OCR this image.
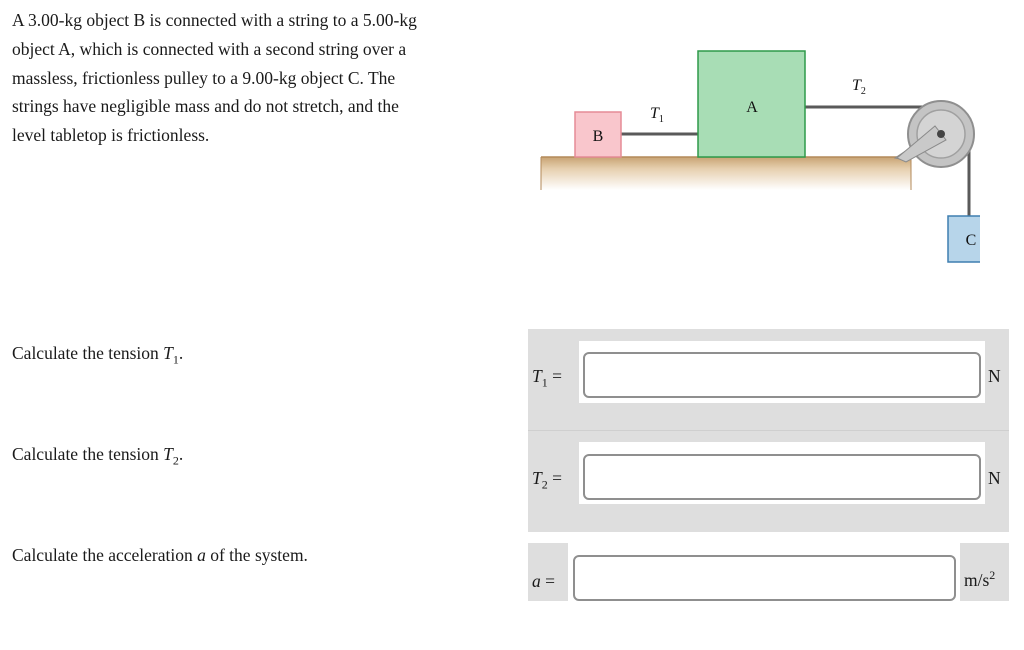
A 3.00-kg object B is connected with a string to a 5.00-kg
object A, which is connected with a second string over a
massless, frictionless pulley to a 9.00-kg object C. The
strings have negligible mass and do not stretch, and the
level tabletop is frictionless.	B
A
C
$T_1$
$T_2$

Calculate the tension $T_1$.

Calculate the tension $T_2$.

Calculate the acceleration a of the system.

$T_1$ =	N
$T_2$ =	N
a =	$m/s^2$
